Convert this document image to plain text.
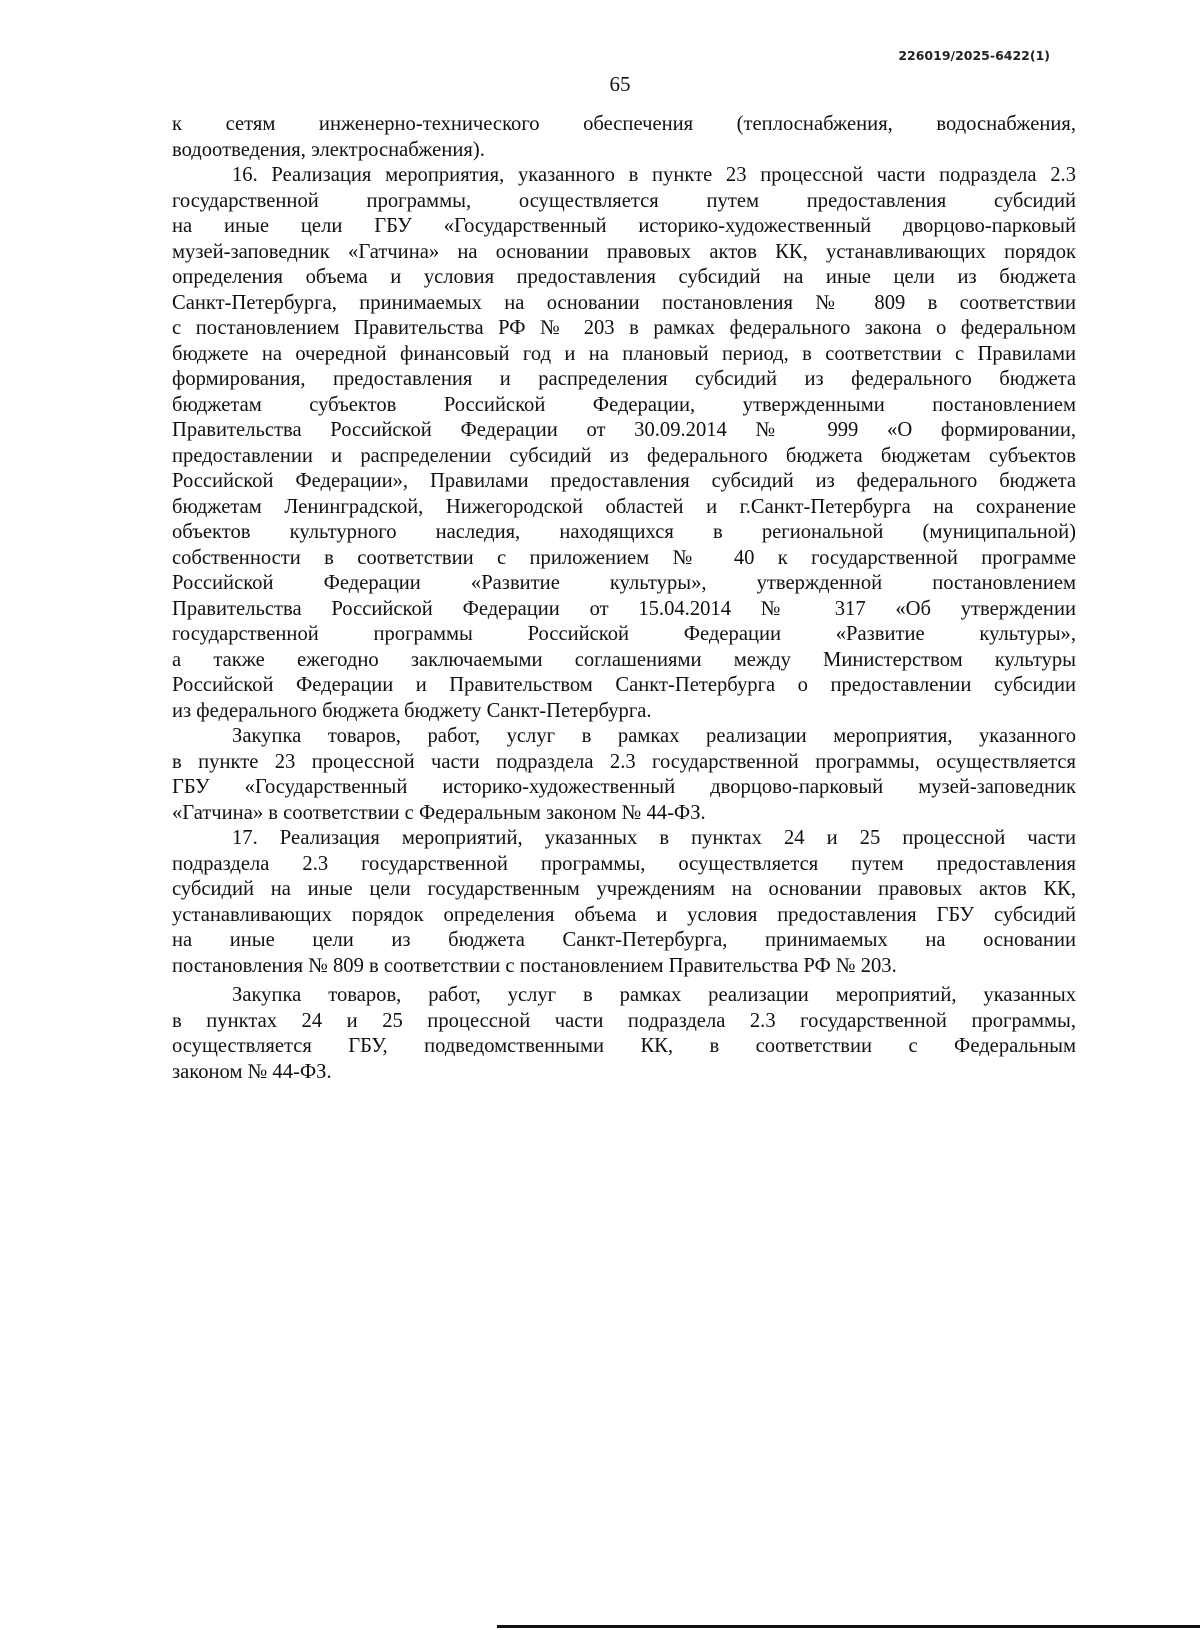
226019/2025-6422(1)
65
к сетям инженерно-технического обеспечения (теплоснабжения, водоснабжения,
водоотведения, электроснабжения).
16. Реализация мероприятия, указанного в пункте 23 процессной части подраздела 2.3
государственной программы, осуществляется путем предоставления субсидий
на иные цели ГБУ «Государственный историко-художественный дворцово-парковый
музей-заповедник «Гатчина» на основании правовых актов КК, устанавливающих порядок
определения объема и условия предоставления субсидий на иные цели из бюджета
Санкт-Петербурга, принимаемых на основании постановления № 809 в соответствии
с постановлением Правительства РФ № 203 в рамках федерального закона о федеральном
бюджете на очередной финансовый год и на плановый период, в соответствии с Правилами
формирования, предоставления и распределения субсидий из федерального бюджета
бюджетам субъектов Российской Федерации, утвержденными постановлением
Правительства Российской Федерации от 30.09.2014 № 999 «О формировании,
предоставлении и распределении субсидий из федерального бюджета бюджетам субъектов
Российской Федерации», Правилами предоставления субсидий из федерального бюджета
бюджетам Ленинградской, Нижегородской областей и г.Санкт-Петербурга на сохранение
объектов культурного наследия, находящихся в региональной (муниципальной)
собственности в соответствии с приложением № 40 к государственной программе
Российской Федерации «Развитие культуры», утвержденной постановлением
Правительства Российской Федерации от 15.04.2014 № 317 «Об утверждении
государственной программы Российской Федерации «Развитие культуры»,
а также ежегодно заключаемыми соглашениями между Министерством культуры
Российской Федерации и Правительством Санкт-Петербурга о предоставлении субсидии
из федерального бюджета бюджету Санкт-Петербурга.
Закупка товаров, работ, услуг в рамках реализации мероприятия, указанного
в пункте 23 процессной части подраздела 2.3 государственной программы, осуществляется
ГБУ «Государственный историко-художественный дворцово-парковый музей-заповедник
«Гатчина» в соответствии с Федеральным законом № 44-ФЗ.
17. Реализация мероприятий, указанных в пунктах 24 и 25 процессной части
подраздела 2.3 государственной программы, осуществляется путем предоставления
субсидий на иные цели государственным учреждениям на основании правовых актов КК,
устанавливающих порядок определения объема и условия предоставления ГБУ субсидий
на иные цели из бюджета Санкт-Петербурга, принимаемых на основании
постановления № 809 в соответствии с постановлением Правительства РФ № 203.
Закупка товаров, работ, услуг в рамках реализации мероприятий, указанных
в пунктах 24 и 25 процессной части подраздела 2.3 государственной программы,
осуществляется ГБУ, подведомственными КК, в соответствии с Федеральным
законом № 44-ФЗ.
